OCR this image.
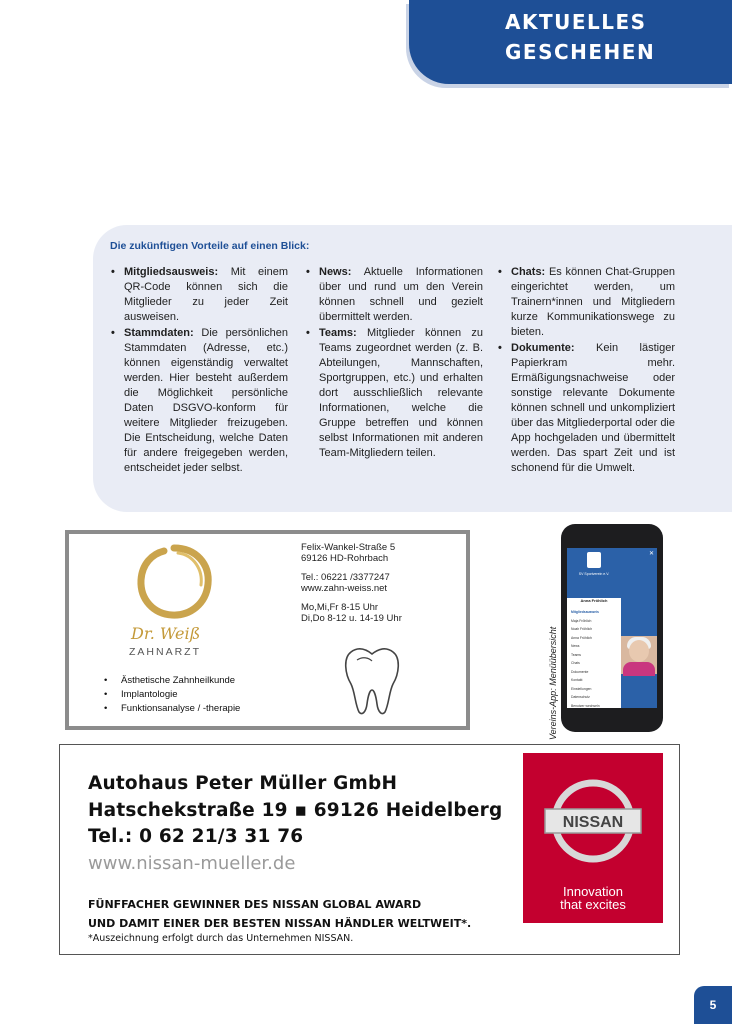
AKTUELLES
GESCHEHEN
Die zukünftigen Vorteile auf einen Blick:
• Mitgliedsausweis: Mit einem QR-Code können sich die Mitglieder zu jeder Zeit ausweisen.
• Stammdaten: Die persönlichen Stammdaten (Adresse, etc.) können eigenständig verwaltet werden. Hier besteht außerdem die Möglichkeit persönliche Daten DSGVO-konform für weitere Mitglieder freizugeben. Die Entscheidung, welche Daten für andere freigegeben werden, entscheidet jeder selbst.
• News: Aktuelle Informationen über und rund um den Verein können schnell und gezielt übermittelt werden.
• Teams: Mitglieder können zu Teams zugeordnet werden (z. B. Abteilungen, Mannschaften, Sportgruppen, etc.) und erhalten dort ausschließlich relevante Informationen, welche die Gruppe betreffen und können selbst Informationen mit anderen Team-Mitgliedern teilen.
• Chats: Es können Chat-Gruppen eingerichtet werden, um Trainern*innen und Mitgliedern kurze Kommunikationswege zu bieten.
• Dokumente: Kein lästiger Papierkram mehr. Ermäßigungsnachweise oder sonstige relevante Dokumente können schnell und unkompliziert über das Mitgliederportal oder die App hochgeladen und übermittelt werden. Das spart Zeit und ist schonend für die Umwelt.
Dr. Weiß
ZAHNARZT
• Ästhetische Zahnheilkunde
• Implantologie
• Funktionsanalyse / -therapie

Felix-Wankel-Straße 5

69126 HD-Rohrbach

Tel.: 06221 /3377247

www.zahn-weiss.net

Mo,Mi,Fr 8-15 Uhr

Di,Do 8-12 u. 14-19 Uhr

SV Sportverein e.V.
✕
Anna Fröhlich
Mitgliedsausweis
Maja Fröhlich
Noah Fröhlich
Anna Fröhlich
News
Teams
Chats
Dokumente
Kontakt
Einstellungen
Datenschutz
Benutzer wechseln
Vereins-App: Menüübersicht
Autohaus Peter Müller GmbH
Hatschekstraße 19 ▪ 69126 Heidelberg
Tel.: 0 62 21/3 31 76
www.nissan-mueller.de
FÜNFFACHER GEWINNER DES NISSAN GLOBAL AWARD
UND DAMIT EINER DER BESTEN NISSAN HÄNDLER WELTWEIT*.
*Auszeichnung erfolgt durch das Unternehmen NISSAN.
NISSAN
Innovation
that excites
5
